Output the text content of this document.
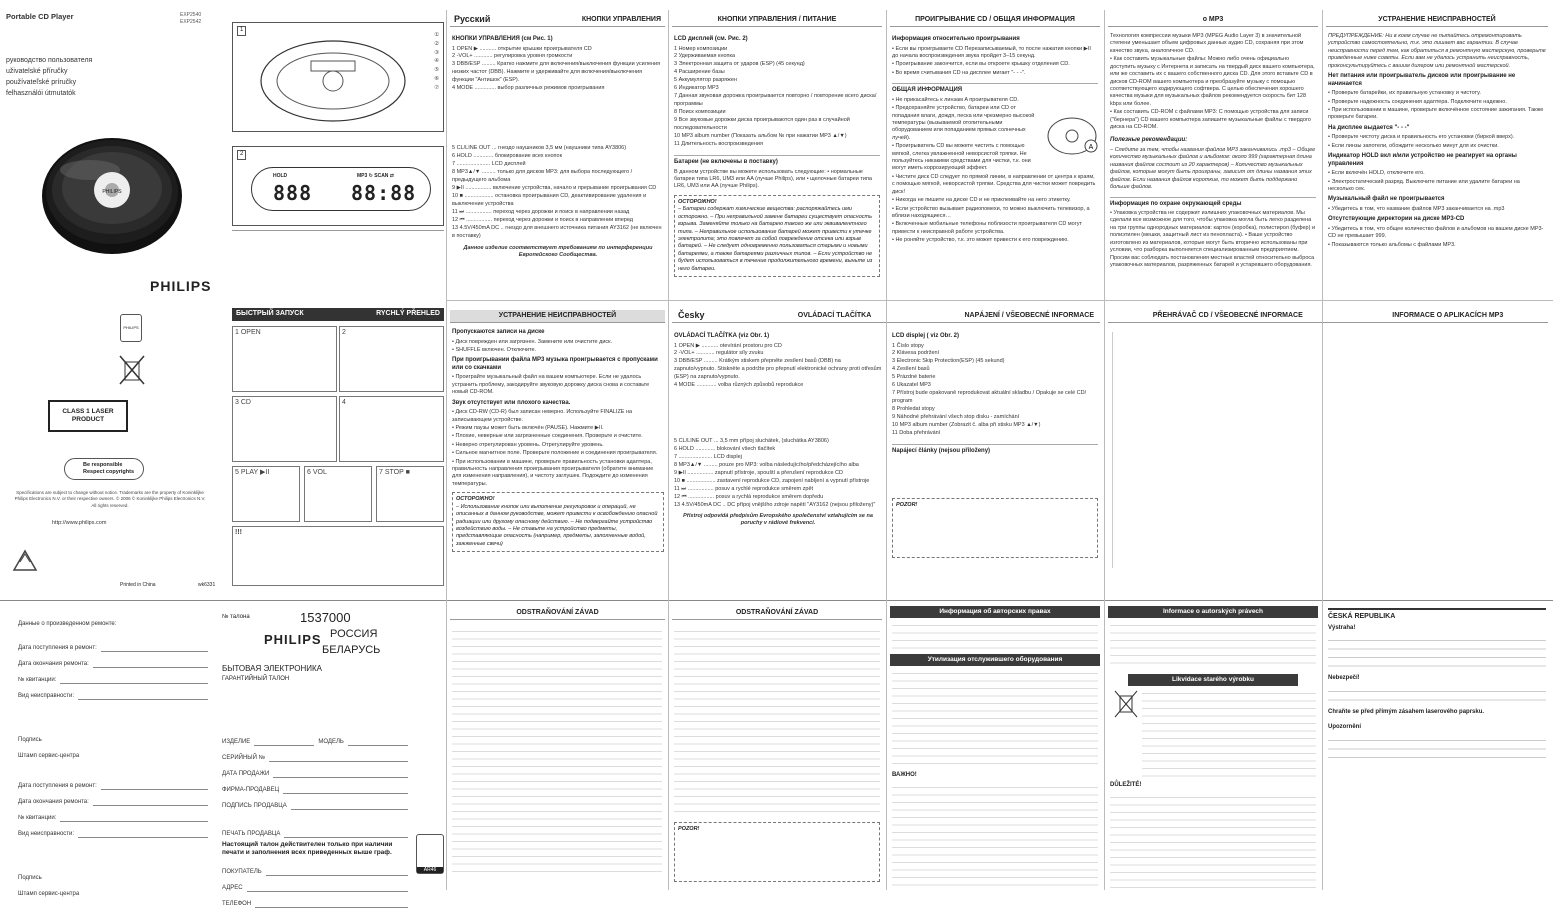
Portable CD Player	EXP2540
EXP2542
руководство пользователя
uživatelské příručky
používateľské príručky
felhasználói útmutatók
PHILIPS
PHILIPS
1
①
②
③
④
⑤
⑥
⑦
2
888 88:88
HOLD	MP3 ↻ SCAN ⇄
Русский	КНОПКИ УПРАВЛЕНИЯ
КНОПКИ УПРАВЛЕНИЯ (см Рис. 1)
1 OPEN ▶ ........... открытие крышки проигрывателя CD
2 -VOL+ ............ регулировка уровня громкости
3 DBB/ESP ......... Кратко нажмите для включения/выключения функции усиления низких частот (DBB). Нажмите и удерживайте для включения/выключения функции "Антишок" (ESP).
4 MODE .............. выбор различных режимов проигрывания
5 CL/LINE OUT ... гнездо наушников 3,5 мм (наушники типа AY3806)
6 HOLD ............. блокирование всех кнопок
7 ...................... LCD дисплей
8 MP3▲/▼ ......... только для дисков MP3: для выбора последующего / предыдущего альбома
9 ▶II ................. включение устройства, начало и прерывание проигрывания CD
10 ■ ................... остановка проигрывания CD, деактивирование удаления и выключение устройства
11 ⏭ ................. переход через дорожки и поиск в направлении назад
12 ⏮ ................. переход через дорожки и поиск в направлении вперед
13 4.5V/450mA DC .. гнездо для внешнего источника питания AY3162 (не включен в поставку)
Данное изделие соответствует требованиям по интерференции Европейского Сообщества.
КНОПКИ УПРАВЛЕНИЯ / ПИТАНИЕ
LCD дисплей (см. Рис. 2)
1 Номер композиции
2 Удерживаемая кнопка
3 Электронная защита от ударов (ESP) (45 секунд)
4 Расширение базы
5 Аккумулятор разряжен
6 Индикатор MP3
7 Данная звуковая дорожка проигрывается повторно / повторение всего диска/программы
8 Поиск композиции
9 Все звуковые дорожки диска проигрываются один раз в случайной последовательности
10 MP3 album number (Показать альбом № при нажатии MP3 ▲/▼)
11 Длительность воспроизведения
Батареи (не включены в поставку)
В данном устройстве вы можете использовать следующие: • нормальные батареи типа LR6, UM3 или AA (лучше Philips), или • щелочные батареи типа LR6, UM3 или AA (лучше Philips).
ОСТОРОЖНО!
– Батареи содержат химические вещества: распоряжайтесь ими осторожно. – При неправильной замене батареи существует опасность взрыва. Заменяйте только на батарею такого же или эквивалентного типа. – Неправильное использование батарей может привести к утечке электролита; это повлечет за собой повреждение отсека или взрыв батарей. – Не следует одновременно пользоваться старыми и новыми батареями, а также батареями различных типов. – Если устройство не будет использоваться в течение продолжительного времени, выньте из него батареи.
ПРОИГРЫВАНИЕ CD / ОБЩАЯ ИНФОРМАЦИЯ
Информация относительно проигрывания
• Если вы проигрываете CD Перезаписываемый, то после нажатия кнопки ▶II до начала воспроизведения звука пройдет 3–15 секунд.
• Проигрывание закончится, если вы откроете крышку отделения CD.
• Во время считывания CD на дисплее мигает "- - -".
ОБЩАЯ ИНФОРМАЦИЯ
• Не прикасайтесь к линзам A проигрывателя CD.
• Предохраняйте устройство, батареи или CD от попадания влаги, дождя, песка или чрезмерно высокой температуры (вызываемой отопительными оборудованием или попаданием прямых солнечных лучей).
• Проигрыватель CD вы можете чистить с помощью мягкой, слегка увлажненной неворсистой тряпки. Не пользуйтесь никакими средствами для чистки, т.к. они могут иметь коррозирующий эффект.
• Чистите диск CD следует по прямой линии, в направлении от центра к краям, с помощью мягкой, неворсистой тряпки. Средства для чистки может повредить диск!
• Никогда не пишите на диске CD и не приклеивайте на него этикетку.
• Если устройство вызывает радиопомехи, то можно выключить телевизор, а вблизи находящиеся…
• Включенные мобильные телефоны поблизости проигрывателя CD могут привести к неисправной работе устройства.
• Не роняйте устройство, т.к. это может привести к его повреждению.
A
о MP3
Технология компрессии музыки MP3 (MPEG Audio Layer 3) в значительной степени уменьшает объем цифровых данных аудио CD, сохраняя при этом качество звука, аналогичное CD.
• Как составить музыкальные файлы: Можно либо очень официально доступить музыку с Интернета и записать на твердый диск вашего компьютера, или же составить их с вашего собственного диска CD. Для этого вставьте CD в дисков CD-ROM вашего компьютера и преобразуйте музыку с помощью соответствующего кодирующего софтвера. С целью обеспечения хорошего качества музыки для музыкальных файлов рекомендуется скорость бит 128 kbps или более.
• Как составить CD-ROM с файлами MP3: С помощью устройства для записи ("бернера") CD вашего компьютера запишите музыкальные файлы с твердого диска на CD-ROM.
Полезные рекомендации:
– Следите за тем, чтобы названия файлов MP3 заканчивались .mp3 – Общее количество музыкальных файлов и альбомов: около 999 (характерная длина названия файлов состоит из 20 характеров) – Количество музыкальных файлов, которые могут быть проиграны, зависит от длины названия этих файлов. Если названия файлов короткие, то может быть поддержано больше файлов.
Информация по охране окружающей среды
• Упаковка устройства не содержит излишних упаковочных материалов. Мы сделали все возможное для того, чтобы упаковка могла быть легко разделена на три группы однородных материалов: картон (коробка), полистирол (буфер) и полиэтилен (мешки, защитный лист из пенопласта). • Ваше устройство изготовлено из материалов, которые могут быть вторично использованы при условии, что разборка выполняется специализированным предприятием. Просим вас соблюдать постановления местных властей относительно выброса упаковочных материалов, разряженных батарей и устаревшего оборудования.
УСТРАНЕНИЕ НЕИСПРАВНОСТЕЙ
ПРЕДУПРЕЖДЕНИЕ: Ни в коем случае не пытайтесь отремонтировать устройство самостоятельно, т.к. это лишает вас гарантии. В случае неисправности перед тем, как обратиться в ремонтную мастерскую, проверьте приведенные ниже советы. Если вам не удалось устранить неисправность, проконсультируйтесь с вашим дилером или ремонтной мастерской.
Нет питания или проигрыватель дисков или проигрывание не начинается
• Проверьте батарейки, их правильную установку и чистоту.
• Проверьте надежность соединения адаптера. Подключите надежно.
• При использовании в машине, проверьте включённое состояние зажигания. Также проверьте батареи.
На дисплее выдается "- - -"
• Проверьте чистоту диска и правильность его установки (биркой вверх).
• Если линзы запотели, обождите несколько минут для их очистки.
Индикатор HOLD вкл и/или устройство не реагирует на органы управления
• Если включён HOLD, отключите его.
• Электростатический разряд. Выключите питание или удалите батареи на несколько сек.
Музыкальный файл не проигрывается
• Убедитесь в том, что название файлов MP3 заканчивается на .mp3
Отсутствующие директории на диске MP3-CD
• Убедитесь в том, что общее количество файлов и альбомов на вашем диске MP3-CD не превышает 999.
• Показываются только альбомы с файлами MP3.
PHILIPS
CLASS 1 LASER PRODUCT
Be responsible Respect copyrights
Specifications are subject to change without notice. Trademarks are the property of Koninklijke Philips Electronics N.V. or their respective owners. © 2006 © Koninklijke Philips Electronics N.V. All rights reserved.
http://www.philips.com
Printed in China	wk6331
БЫСТРЫЙ ЗАПУСК	RYCHLÝ PŘEHLED
1 OPEN	2
3 CD	4
5 PLAY ▶II	6 VOL	7 STOP ■
!!!
УСТРАНЕНИЕ НЕИСПРАВНОСТЕЙ
Пропускаются записи на диске
• Диск поврежден или загрязнен. Замените или очистите диск.
• SHUFFLE включен. Отключите.
При проигрывании файла MP3 музыка проигрывается с пропусками или со скачками
• Проиграйте музыкальный файл на вашем компьютере. Если не удалось устранить проблему, закодируйте звуковую дорожку диска снова и составьте новый CD-ROM.
Звук отсутствует или плохого качества.
• Диск CD-RW (CD-R) был записан неверно. Используйте FINALIZE на записывающем устройстве.
• Режим паузы может быть включён (PAUSE). Нажмите ▶II.
• Плохие, неверные или загрязненные соединения. Проверьте и очистите.
• Неверно отрегулирован уровень. Отрегулируйте уровень.
• Сильное магнитное поле. Проверьте положение и соединения проигрывателя.
• При использовании в машине, проверьте правильность установки адаптера, правильность направления проигрывания проигрывателя (обратите внимание для изменения направления), и чистоту заглушек. Подождите до изменения температуры.
ОСТОРОЖНО!
– Использование кнопок или выполнение регулировок и операций, не описанных в данном руководстве, может привести к освобождению опасной радиации или другому опасному действию. – Не подвергайте устройство воздействию воды. – Не ставьте на устройство предметы, представляющие опасность (например, предметы, заполненные водой, зажженные свечи)
Česky	OVLÁDACÍ TLAČÍTKA	NAPÁJENÍ / VŠEOBECNÉ INFORMACE	PŘEHRÁVAČ CD / VŠEOBECNÉ INFORMACE	INFORMACE O APLIKACÍCH MP3
OVLÁDACÍ TLAČÍTKA (viz Obr. 1)
1 OPEN ▶ ........... otevírání prostoru pro CD
2 -VOL+ ............ regulátor síly zvuku
3 DBB/ESP ......... Krátkým stiskem přepněte zesílení basů (DBB) na zapnuto/vypnuto. Stiskněte a podržte pro přepnutí elektronické ochrany proti otřesům (ESP) na zapnuto/vypnuto.
4 MODE ............. volba různých způsobů reprodukce
5 CL/LINE OUT ... 3,5 mm přípoj sluchátek, (sluchátka AY3806)
6 HOLD ............. blokování všech tlačítek
7 ...................... LCD displej
8 MP3▲/▼ ......... pouze pro MP3: volba následujícího/předcházejícího alba
9 ▶II ................. zapnutí přístroje, spouští a přerušení reprodukce CD
10 ■ ................... zastavení reprodukce CD, zapojení nabíjení a vypnutí přístroje
11 ⏭ ................. posuv a rychlé reprodukce směrem zpět
12 ⏮ ................. posuv a rychlá reprodukce směrem dopředu
13 4.5V/450mA DC .. DC přípoj vnějšího zdroje napětí "AY3162 (nejsou přiloženy)"
Přístroj odpovídá předpisům Evropského společenství vztahujícím se na poruchy v rádiové frekvenci.
LCD displej ( viz Obr. 2)
1 Číslo stopy
2 Klávesa podržení
3 Electronic Skip Protection(ESP) (45 sekund)
4 Zesílení basů
5 Prázdné baterie
6 Ukazatel MP3
7 Přístroj bude opakovaně reprodukovat aktuální skladbu / Opakuje se celé CD/ program
8 Prohledat stopy
9 Náhodné přehrávání všech stop disku - zamíchání
10 MP3 album number (Zobrazit č. alba při stisku MP3 ▲/▼)
11 Doba přehrávání
Napájecí články (nejsou přiloženy)
POZOR!
Данные о произведенном ремонте:
Дата поступления в ремонт:
Дата окончания ремонта:
№ квитанции:
Вид неисправности:
Подпись
Штамп сервис-центра
Дата поступления в ремонт:
Дата окончания ремонта:
№ квитанции:
Вид неисправности:
Подпись
Штамп сервис-центра
№ талона	1537000
PHILIPS РОССИЯ
БЕЛАРУСЬ
БЫТОВАЯ ЭЛЕКТРОНИКА
ГАРАНТИЙНЫЙ ТАЛОН
ИЗДЕЛИЕ	МОДЕЛЬ
СЕРИЙНЫЙ №
ДАТА ПРОДАЖИ
ФИРМА-ПРОДАВЕЦ
ПОДПИСЬ ПРОДАВЦА
ПЕЧАТЬ ПРОДАВЦА
Настоящий талон действителен только при наличии печати и заполнения всех приведенных выше граф.
ПОКУПАТЕЛЬ
АДРЕС
ТЕЛЕФОН
AR46
ODSTRAŇOVÁNÍ ZÁVAD	ODSTRAŇOVÁNÍ ZÁVAD
POZOR!
Информация об авторских правах
Утилизация отслужившего оборудования
ВАЖНО!
Informace o autorských právech
Likvidace starého výrobku
DŮLEŽITÉ!
ČESKÁ REPUBLIKA
Výstraha!
Nebezpečí!
Chraňte se před přímým zásahem laserového paprsku.
Upozornění
